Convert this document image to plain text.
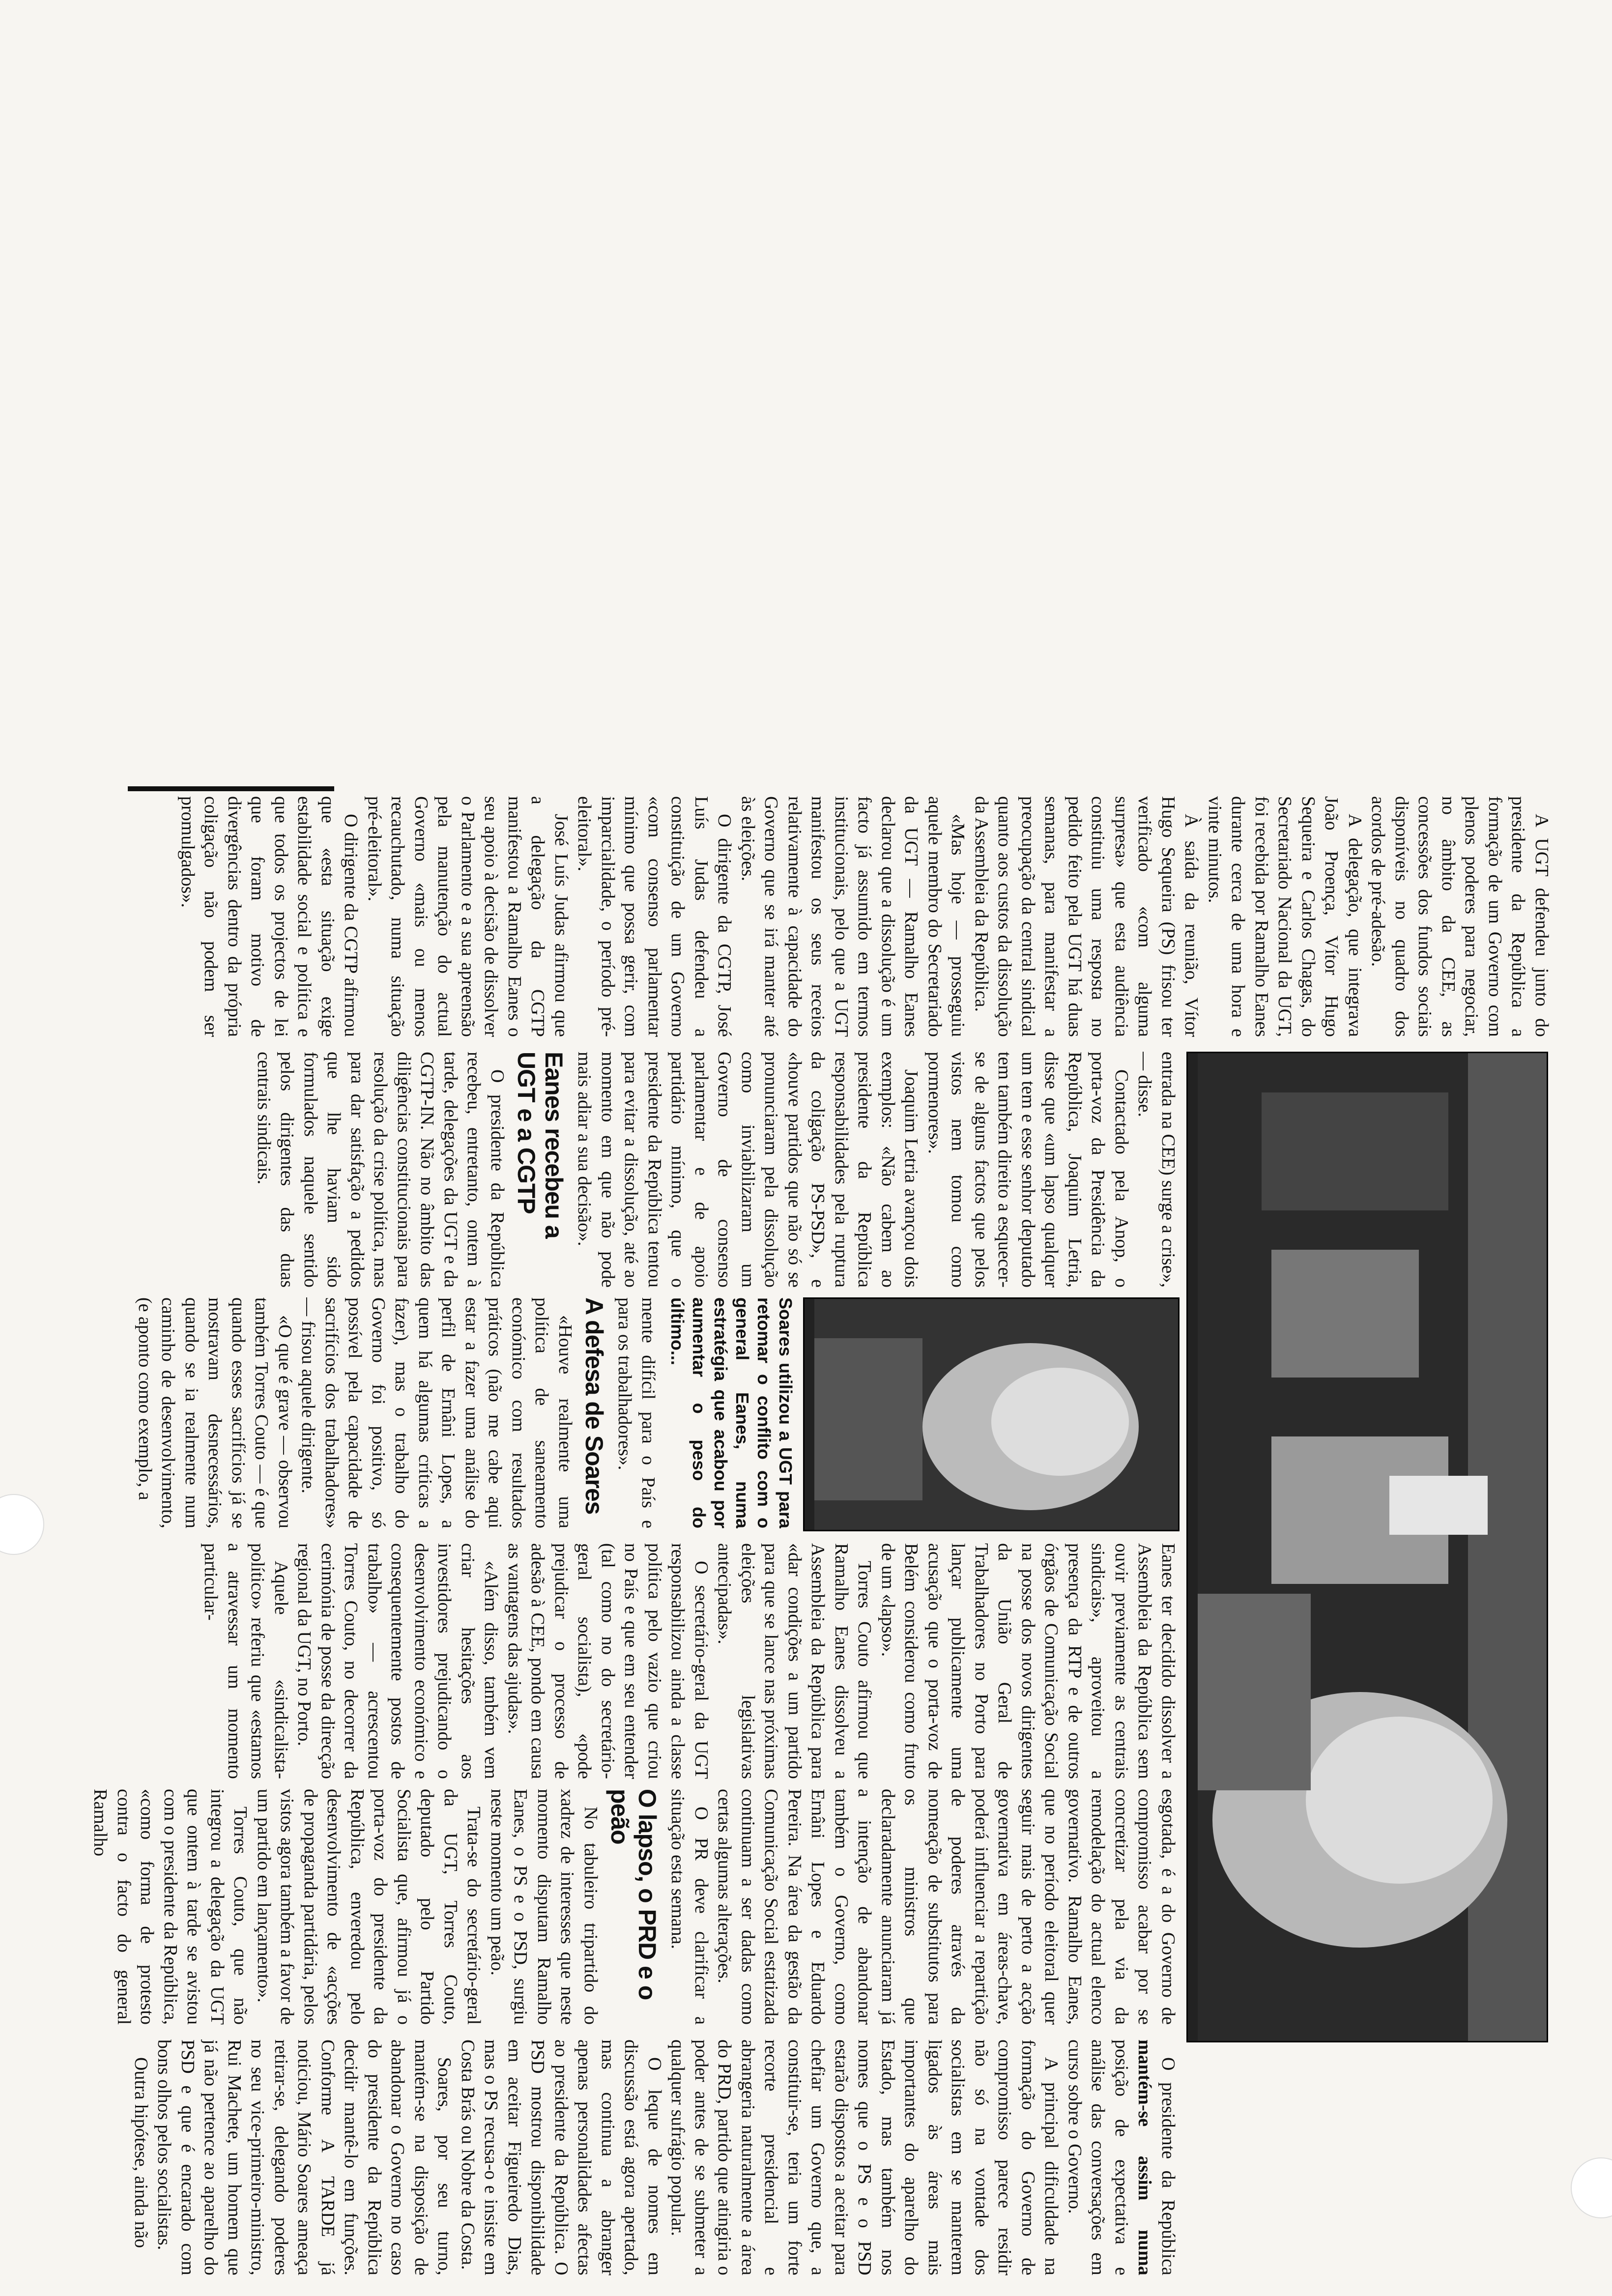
O presidente da República mantém-se assim numa posição de expectativa e análise das conversações em curso sobre o Governo.

A principal dificuldade na formação do Governo de compromisso parece residir não só na vontade dos socialistas em se manterem ligados às áreas mais importantes do aparelho do Estado, mas também nos nomes que o PS e o PSD estarão dispostos a aceitar para chefiar um Governo que, a constituir-se, teria um forte recorte presidencial e abrangeria naturalmente a área do PRD, partido que atingiria o poder antes de se submeter a qualquer sufrágio popular.

O leque de nomes em discussão está agora apertado, mas continua a abranger apenas personalidades afectas ao presidente da República. O PSD mostrou disponibilidade em aceitar Figueiredo Dias, mas o PS recusa-o e insiste em Costa Brás ou Nobre da Costa.

Soares, por seu turno, mantém-se na disposição de abandonar o Governo no caso do presidente da República decidir mantê-lo em funções. Conforme A TARDE já noticiou, Mário Soares ameaça retirar-se, delegando poderes no seu vice-primeiro-ministro, Rui Machete, um homem que já não pertence ao aparelho do PSD e que é encarado com bons olhos pelos socialistas.

Outra hipótese, ainda não

esgotada, é a do Governo de compromisso acabar por se concretizar pela via da remodelação do actual elenco governativo. Ramalho Eanes, que no período eleitoral quer seguir mais de perto a acção governativa em áreas-chave, poderá influenciar a repartição de poderes através da nomeação de substitutos para os ministros que declaradamente anunciaram já a intenção de abandonar também o Governo, como Ernâni Lopes e Eduardo Pereira. Na área da gestão da Comunicação Social estatizada continuam a ser dadas como certas algumas alterações.

O PR deve clarificar a situação esta semana.

O lapso, o PRD e o peão

No tabuleiro tripartido do xadrez de interesses que neste momento disputam Ramalho Eanes, o PS e o PSD, surgiu neste momento um peão.

Trata-se do secretário-geral da UGT, Torres Couto, deputado pelo Partido Socialista que, afirmou já o porta-voz do presidente da República, enveredou pelo desenvolvimento de «acções de propaganda partidária, pelos vistos agora também a favor de um partido em lançamento».

Torres Couto, que não integrou a delegação da UGT que ontem à tarde se avistou com o presidente da República, «como forma de protesto contra o facto do general Ramalho

Eanes ter decidido dissolver a Assembleia da República sem ouvir previamente as centrais sindicais», aproveitou a presença da RTP e de outros órgãos de Comunicação Social na posse dos novos dirigentes da União Geral de Trabalhadores no Porto para lançar publicamente uma acusação que o porta-voz de Belém considerou como fruto de um «lapso».

Torres Couto afirmou que Ramalho Eanes dissolveu a Assembleia da República para «dar condições a um partido para que se lance nas próximas eleições legislativas antecipadas».

O secretário-geral da UGT responsabilizou ainda a classe política pelo vazio que criou no País e que em seu entender (tal como no do secretário-geral socialista), «pode prejudicar o processo de adesão à CEE, pondo em causa as vantagens das ajudas».

«Além disso, também vem criar hesitações aos investidores prejudicando o desenvolvimento económico e consequentemente postos de trabalho» — acrescentou Torres Couto, no decorrer da cerimónia de posse da direcção regional da UGT, no Porto.

Aquele «sindicalista-político» referiu que «estamos a atravessar um momento particular-

Soares utilizou a UGT para retomar o conflito com o general Eanes, numa estratégia que acabou por aumentar o peso do último...

mente difícil para o País e para os trabalhadores».

A defesa de Soares

«Houve realmente uma política de saneamento económico com resultados práticos (não me cabe aqui estar a fazer uma análise do perfil de Ernâni Lopes, a quem há algumas críticas a fazer), mas o trabalho do Governo foi positivo, só possível pela capacidade de sacrifícios dos trabalhadores» — frisou aquele dirigente.

«O que é grave — observou também Torres Couto — é que quando esses sacrifícios já se mostravam desnecessários, quando se ia realmente num caminho de desenvolvimento, (e aponto como exemplo, a

entrada na CEE) surge a crise», — disse.

Contactado pela Anop, o porta-voz da Presidência da República, Joaquim Letria, disse que «um lapso qualquer um tem e esse senhor deputado tem também direito a esquecer-se de alguns factos que pelos vistos nem tomou como pormenores».

Joaquim Letria avançou dois exemplos: «Não cabem ao presidente da República responsabilidades pela ruptura da coligação PS-PSD», e «houve partidos que não só se pronunciaram pela dissolução como inviabilizaram um Governo de consenso parlamentar e de apoio partidário mínimo, que o presidente da República tentou para evitar a dissolução, até ao momento em que não pode mais adiar a sua decisão».

Eanes recebeu a UGT e a CGTP

O presidente da República recebeu, entretanto, ontem à tarde, delegações da UGT e da CGTP-IN. Não no âmbito das diligências constitucionais para resolução da crise política, mas para dar satisfação a pedidos que lhe haviam sido formulados naquele sentido pelos dirigentes das duas centrais sindicais.

A UGT defendeu junto do presidente da República a formação de um Governo com plenos poderes para negociar, no âmbito da CEE, as concessões dos fundos sociais disponíveis no quadro dos acordos de pré-adesão.

A delegação, que integrava João Proença, Vítor Hugo Sequeira e Carlos Chagas, do Secretariado Nacional da UGT, foi recebida por Ramalho Eanes durante cerca de uma hora e vinte minutos.

À saída da reunião, Vítor Hugo Sequeira (PS) frisou ter verificado «com alguma surpresa» que esta audiência constituiu uma resposta no pedido feito pela UGT há duas semanas, para manifestar a preocupação da central sindical quanto aos custos da dissolução da Assembleia da República.

«Mas hoje — prosseguiu aquele membro do Secretariado da UGT — Ramalho Eanes declarou que a dissolução é um facto já assumido em termos institucionais, pelo que a UGT manifestou os seus receios relativamente à capacidade do Governo que se irá manter até às eleições.

O dirigente da CGTP, José Luís Judas defendeu a constituição de um Governo «com consenso parlamentar mínimo que possa gerir, com imparcialidade, o período pré-eleitoral».

José Luís Judas afirmou que a delegação da CGTP manifestou a Ramalho Eanes o seu apoio à decisão de dissolver o Parlamento e a sua apreensão pela manutenção do actual Governo «mais ou menos recauchutado, numa situação pré-eleitoral».

O dirigente da CGTP afirmou que «esta situação exige estabilidade social e política e que todos os projectos de lei que foram motivo de divergências dentro da própria coligação não podem ser promulgados».
